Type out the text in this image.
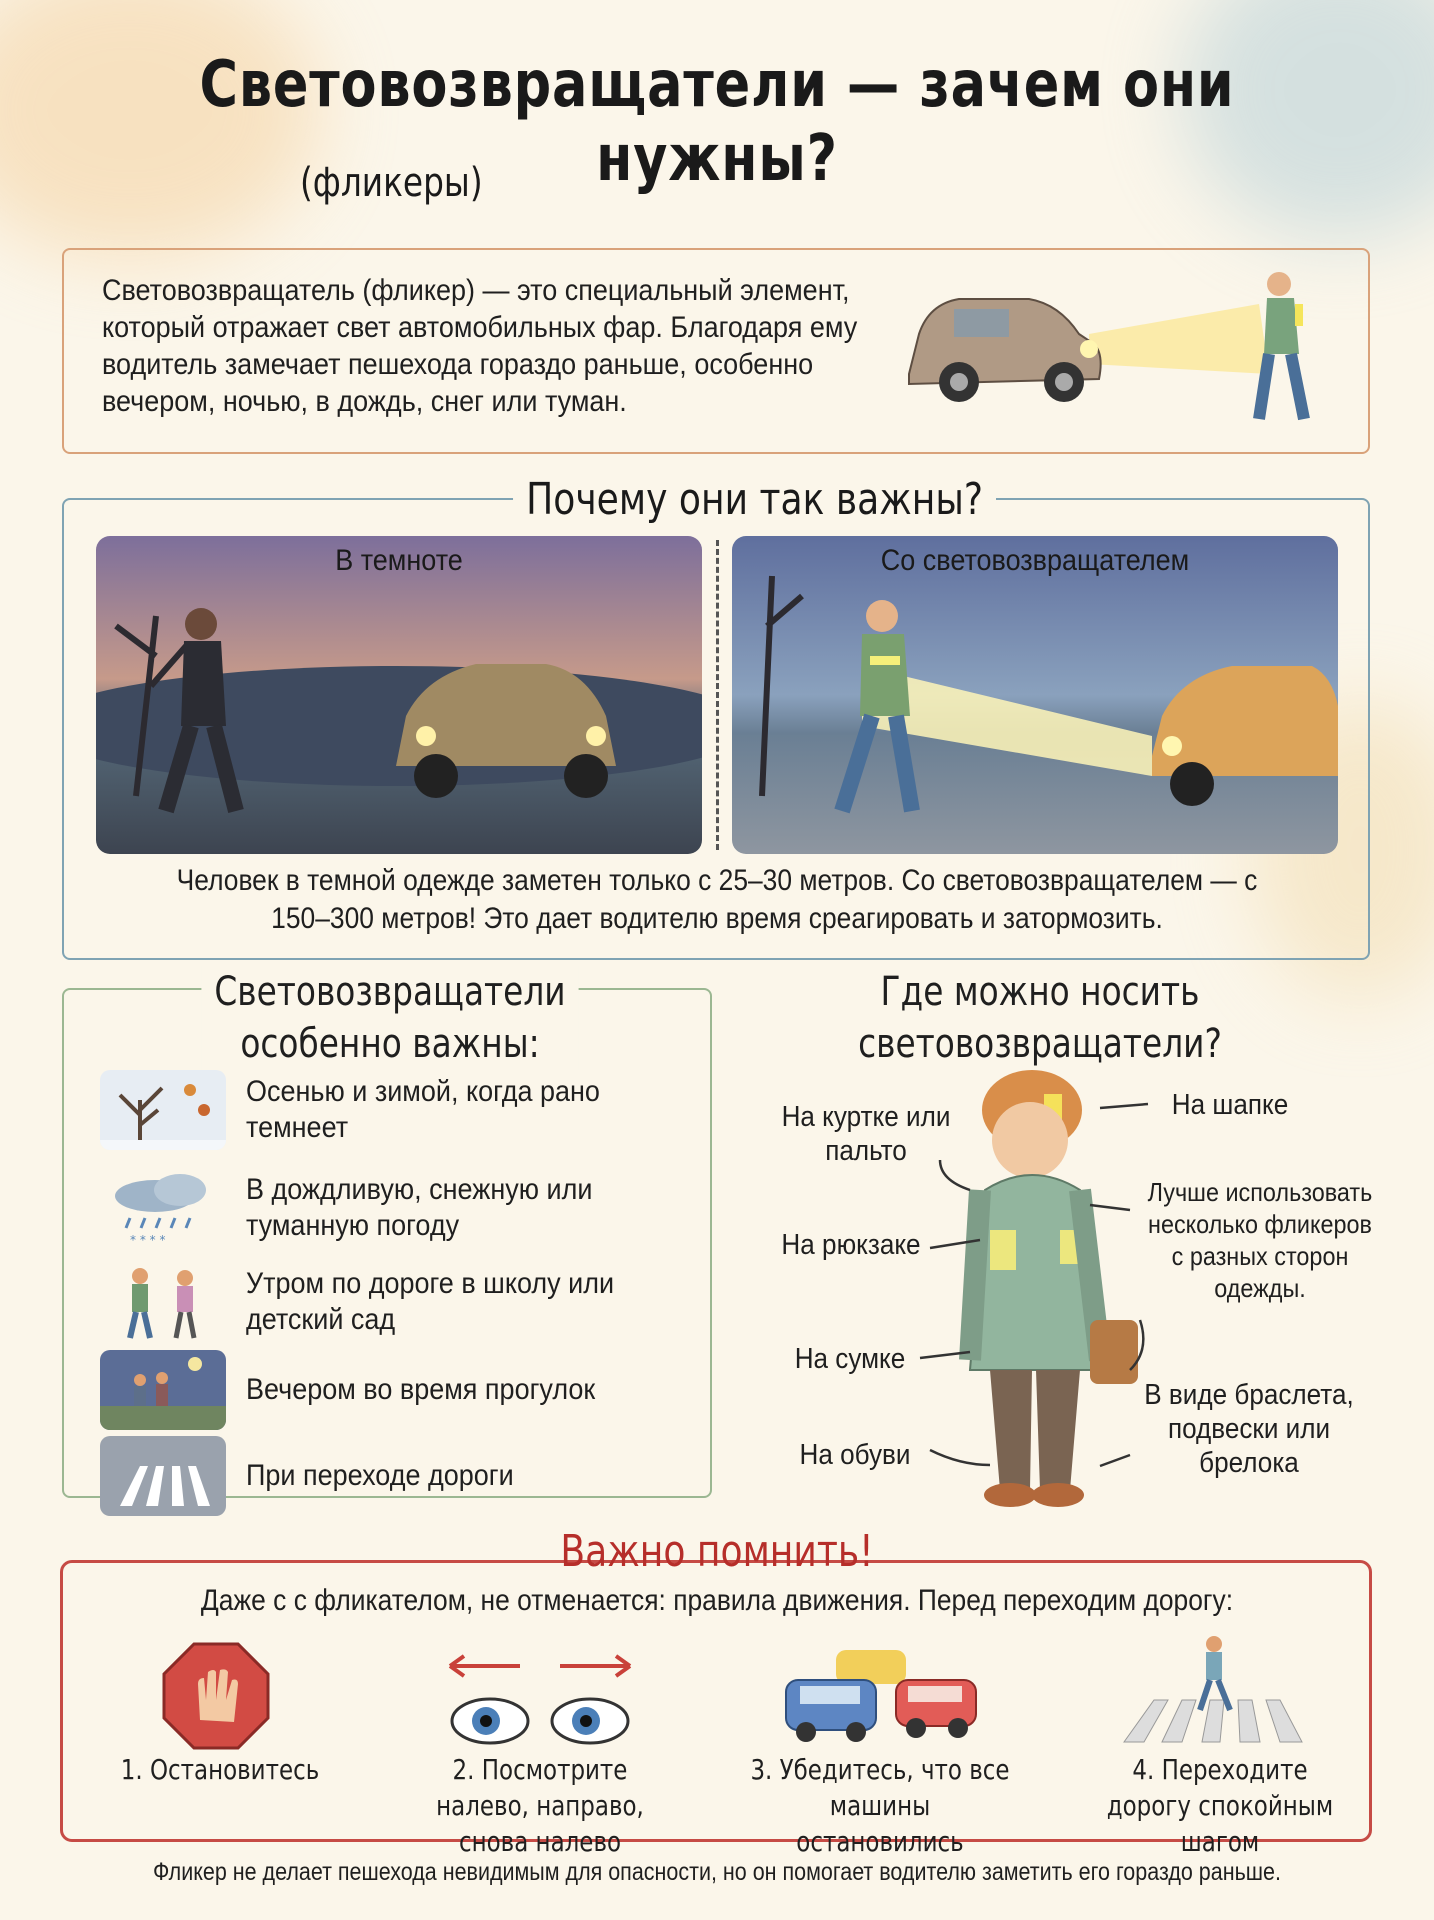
Световозвращатели — зачем они нужны?
(фликеры)

Световозвращатель (фликер) — это специальный элемент, который отражает свет автомобильных фар. Благодаря ему водитель замечает пешехода гораздо раньше, особенно вечером, ночью, в дождь, снег или туман.

Почему они так важны?
В темноте	Со световозвращателем
Человек в темной одежде заметен только с 25–30 метров. Со световозвращателем — с 150–300 метров! Это дает водителю время среагировать и затормозить.
Световозвращатели особенно важны:
Осенью и зимой, когда рано темнеет
* * * *
В дождливую, снежную или туманную погоду
Утром по дороге в школу или детский сад
Вечером во время прогулок
При переходе дороги
Где можно носить световозвращатели?
На куртке или пальто
На шапке
На рюкзаке
Лучше использовать несколько фликеров с разных сторон одежды.
На сумке
В виде браслета, подвески или брелока
На обуви
Важно помнить!
Даже с с фликателом, не отменается: правила движения. Перед переходим дорогу:
1. Остановитесь	2. Посмотрите налево, направо, снова налево
3. Убедитесь, что все машины остановились
4. Переходите дорогу спокойным шагом
Фликер не делает пешехода невидимым для опасности, но он помогает водителю заметить его гораздо раньше.
